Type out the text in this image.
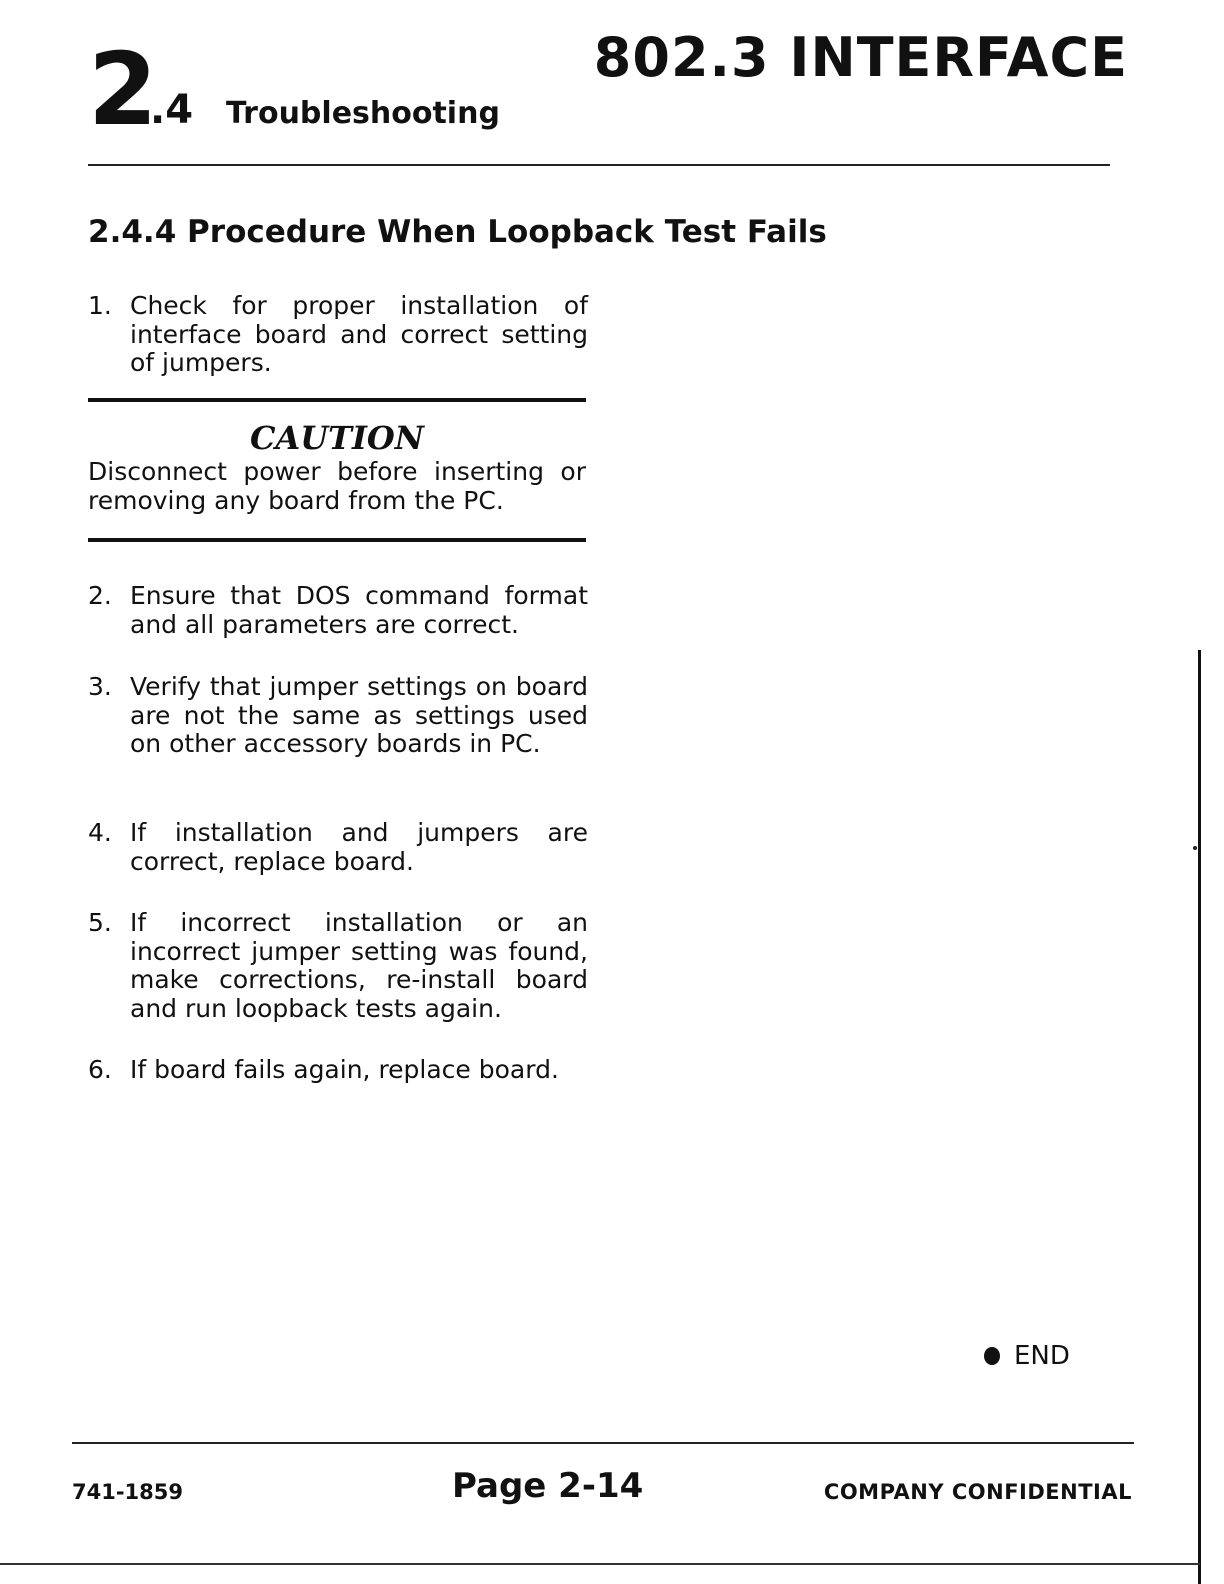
2
.4 Troubleshooting
802.3 INTERFACE
2.4.4 Procedure When Loopback Test Fails
1. Check for proper installation of interface board and correct setting of jumpers.
CAUTION
Disconnect power before inserting or removing any board from the PC.
2. Ensure that DOS command format and all parameters are correct.
3. Verify that jumper settings on board are not the same as settings used on other accessory boards in PC.
4. If installation and jumpers are correct, replace board.
5. If incorrect installation or an incorrect jumper setting was found, make corrections, re-install board and run loopback tests again.
6. If board fails again, replace board.
END
741-1859	Page 2-14	COMPANY CONFIDENTIAL
